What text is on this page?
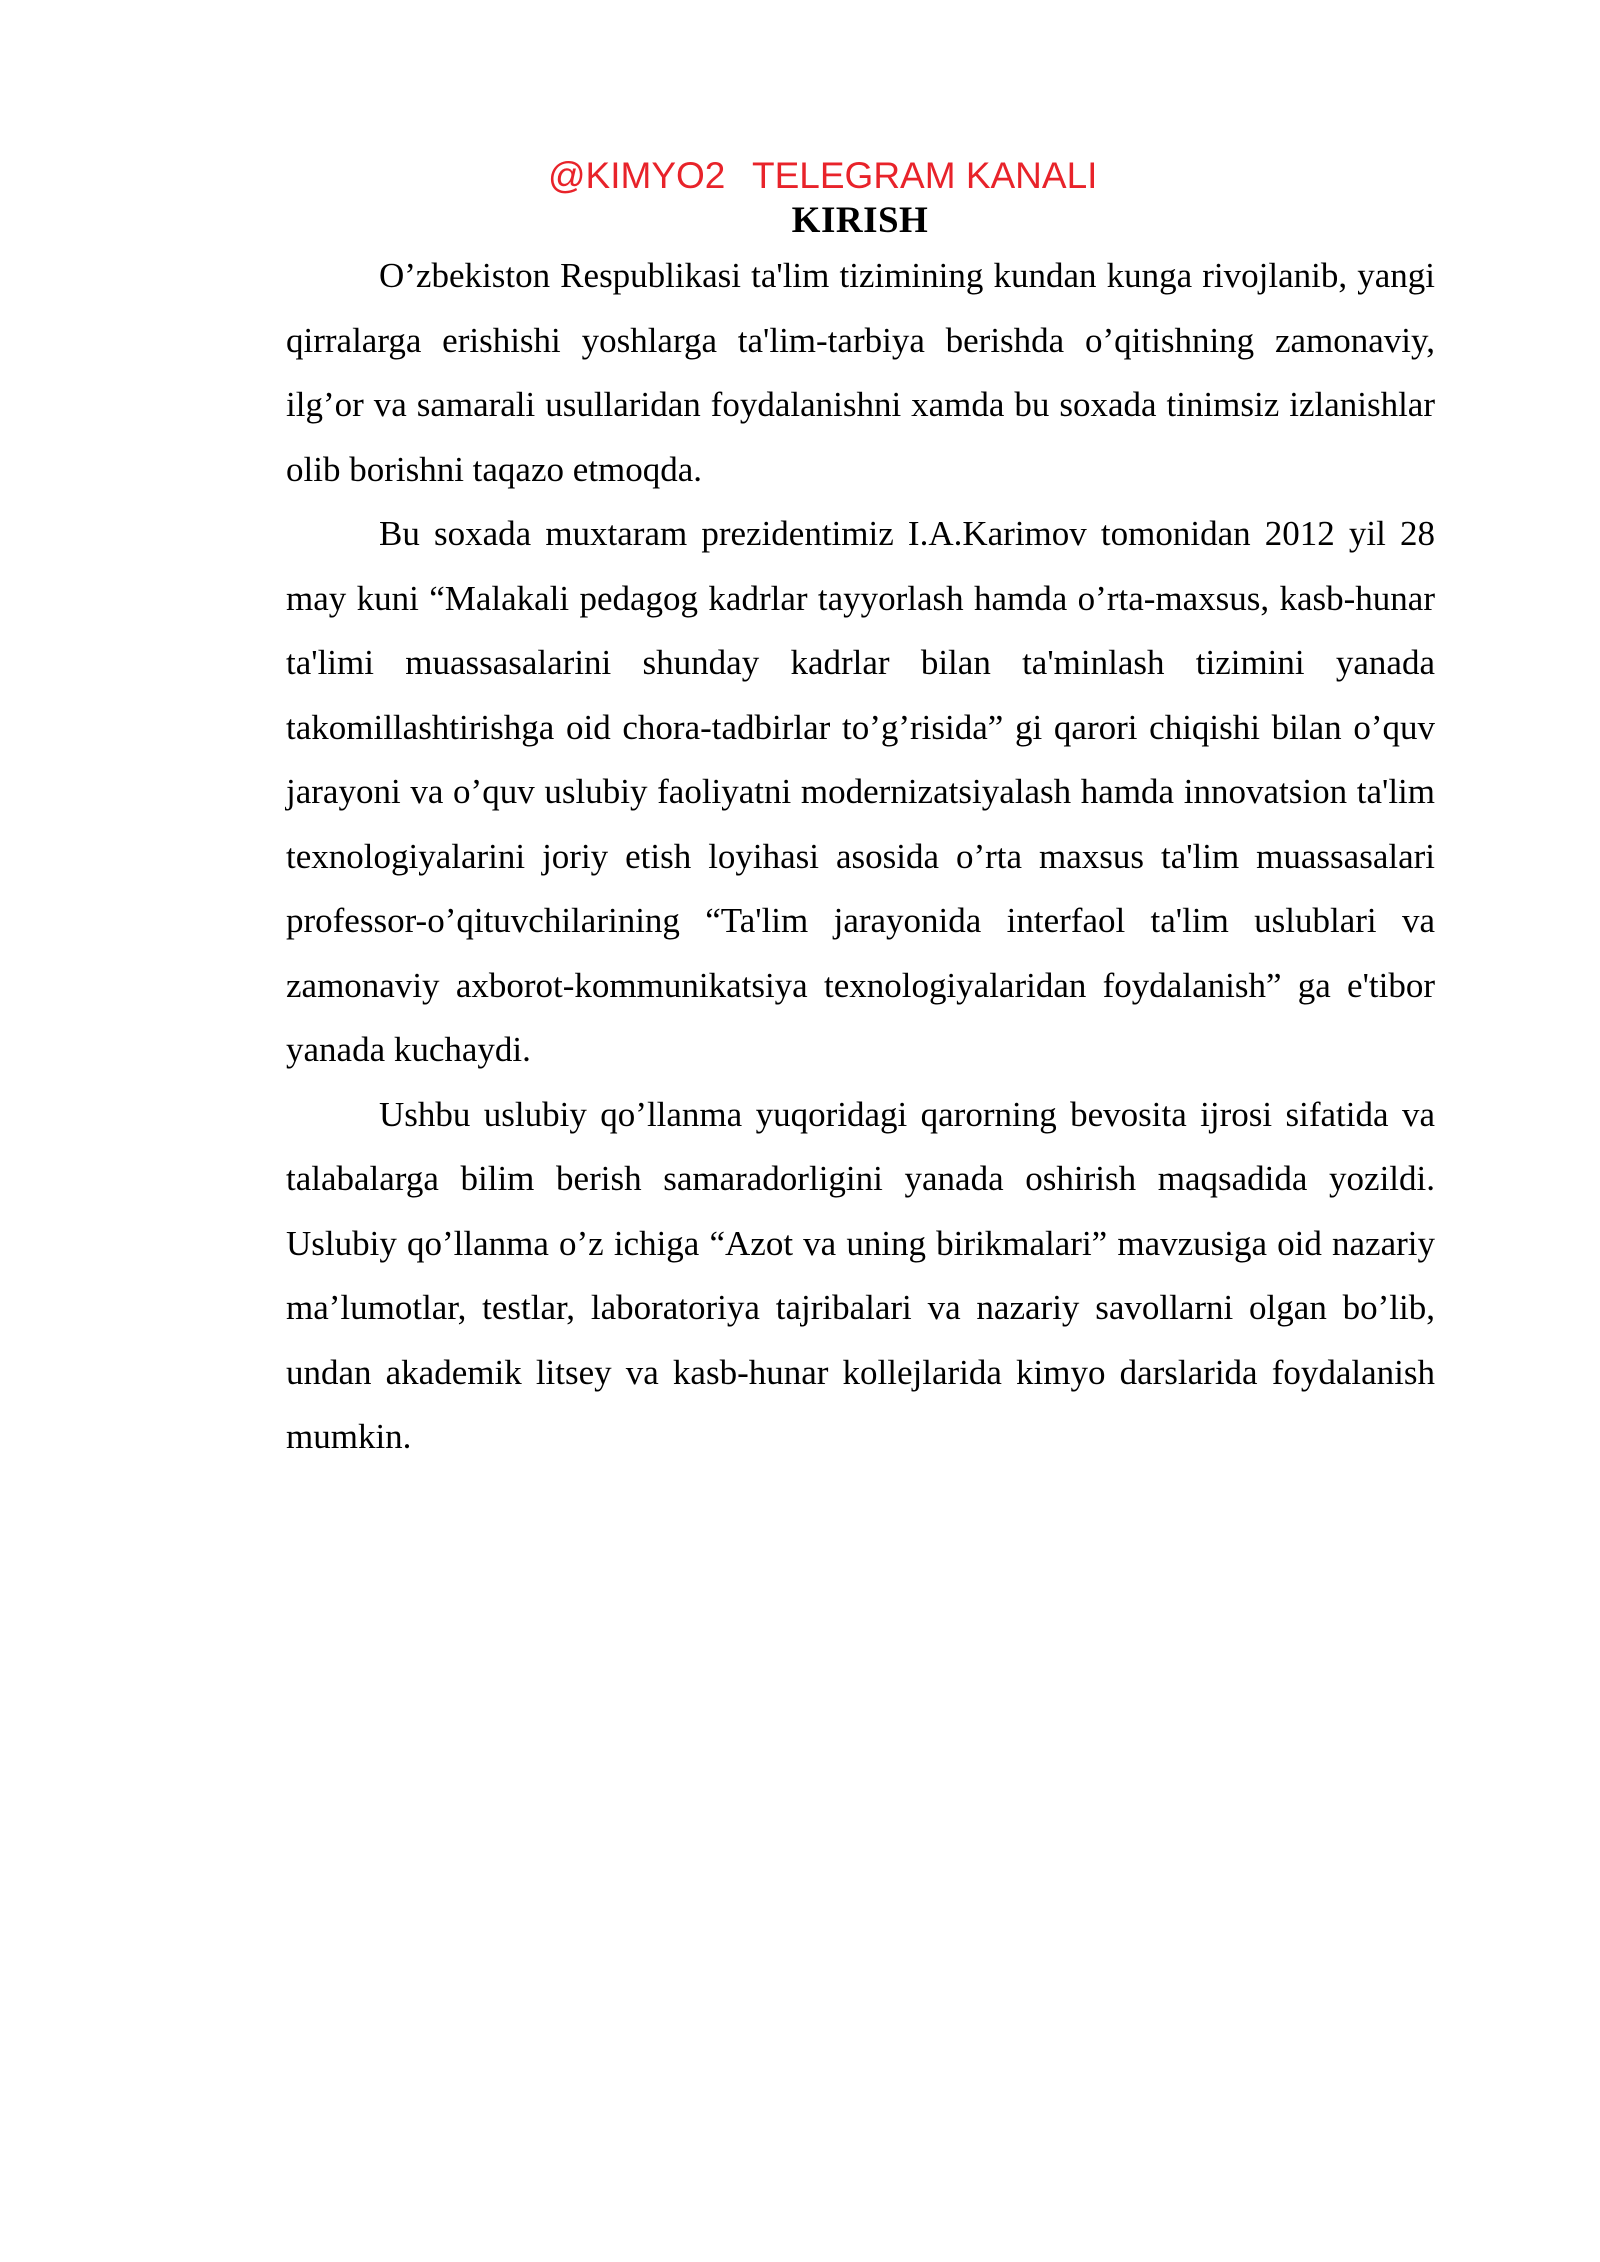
@KIMYO2 TELEGRAM KANALI
KIRISH

O’zbekiston Respublikasi ta'lim tizimining kundan kunga rivojlanib, yangi qirralarga erishishi yoshlarga ta'lim-tarbiya berishda o’qitishning zamonaviy, ilg’or va samarali usullaridan foydalanishni xamda bu soxada tinimsiz izlanishlar olib borishni taqazo etmoqda.

Bu soxada muxtaram prezidentimiz I.A.Karimov tomonidan 2012 yil 28 may kuni “Malakali pedagog kadrlar tayyorlash hamda o’rta-maxsus, kasb-hunar ta'limi muassasalarini shunday kadrlar bilan ta'minlash tizimini yanada takomillashtirishga oid chora-tadbirlar to’g’risida” gi qarori chiqishi bilan o’quv jarayoni va o’quv uslubiy faoliyatni modernizatsiyalash hamda innovatsion ta'lim texnologiyalarini joriy etish loyihasi asosida o’rta maxsus ta'lim muassasalari professor-o’qituvchilarining “Ta'lim jarayonida interfaol ta'lim uslublari va zamonaviy axborot-kommunikatsiya texnologiyalaridan foydalanish” ga e'tibor yanada kuchaydi.

Ushbu uslubiy qo’llanma yuqoridagi qarorning bevosita ijrosi sifatida va talabalarga bilim berish samaradorligini yanada oshirish maqsadida yozildi. Uslubiy qo’llanma o’z ichiga “Azot va uning birikmalari” mavzusiga oid nazariy ma’lumotlar, testlar, laboratoriya tajribalari va nazariy savollarni olgan bo’lib, undan akademik litsey va kasb-hunar kollejlarida kimyo darslarida foydalanish mumkin.
